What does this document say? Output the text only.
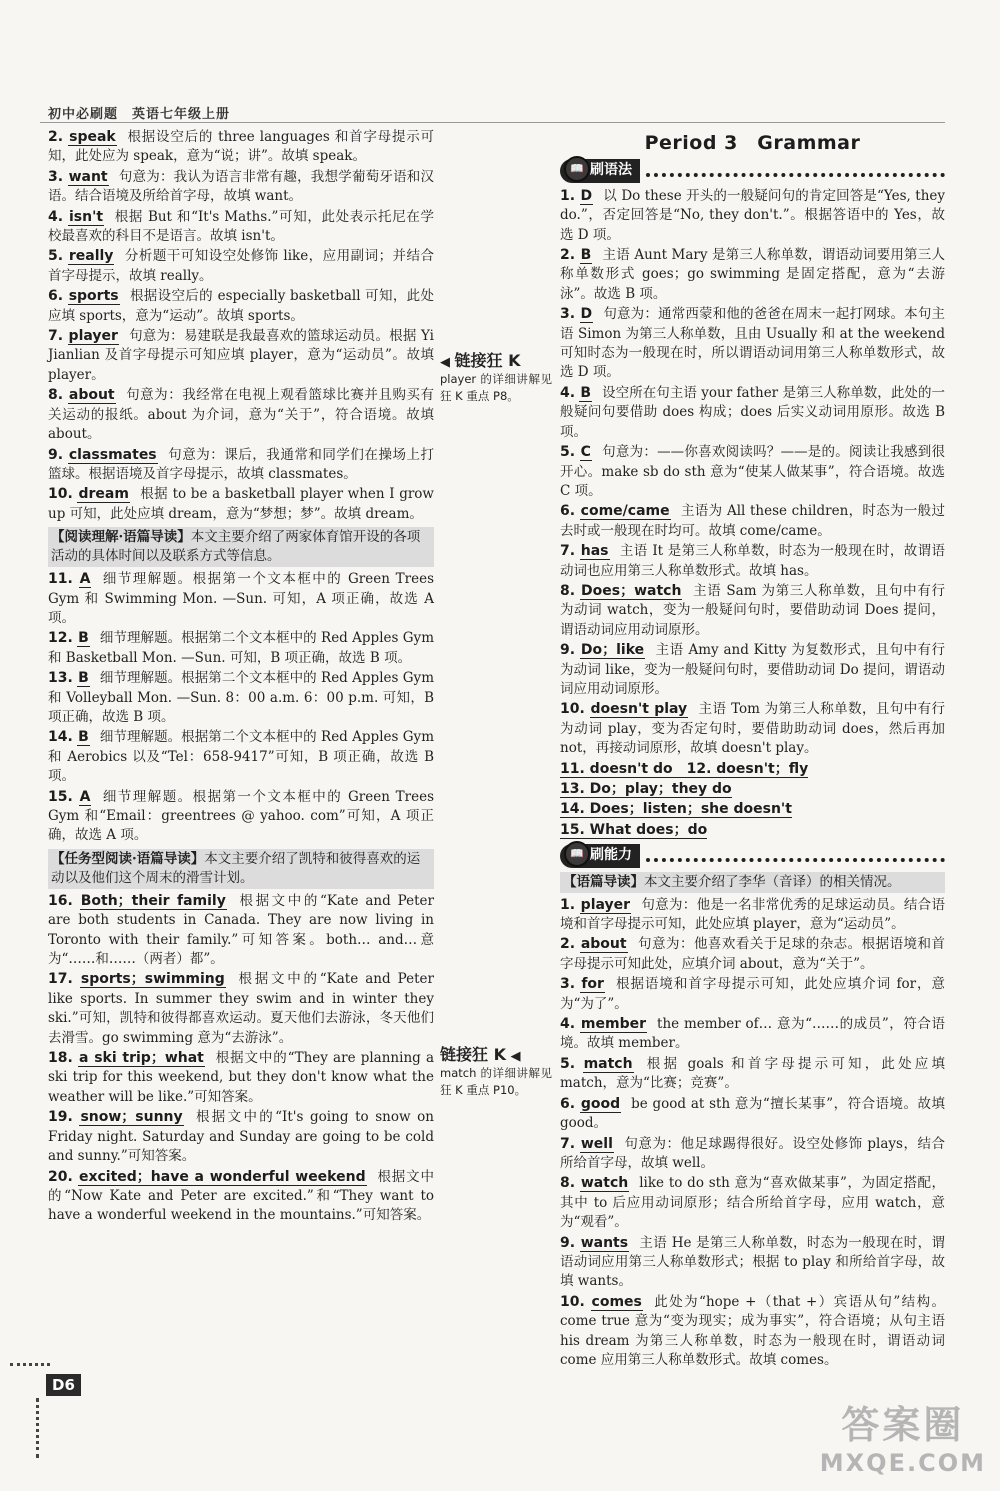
初中必刷题　英语七年级上册
2. speak 根据设空后的 three languages 和首字母提示可知，此处应为 speak，意为“说；讲”。故填 speak。
3. want 句意为：我认为语言非常有趣，我想学葡萄牙语和汉语。结合语境及所给首字母，故填 want。
4. isn't 根据 But 和“It's Maths.”可知，此处表示托尼在学校最喜欢的科目不是语言。故填 isn't。
5. really 分析题干可知设空处修饰 like，应用副词；并结合首字母提示，故填 really。
6. sports 根据设空后的 especially basketball 可知，此处应填 sports，意为“运动”。故填 sports。
7. player 句意为：易建联是我最喜欢的篮球运动员。根据 Yi Jianlian 及首字母提示可知应填 player，意为“运动员”。故填 player。
8. about 句意为：我经常在电视上观看篮球比赛并且购买有关运动的报纸。about 为介词，意为“关于”，符合语境。故填 about。
9. classmates 句意为：课后，我通常和同学们在操场上打篮球。根据语境及首字母提示，故填 classmates。
10. dream 根据 to be a basketball player when I grow up 可知，此处应填 dream，意为“梦想；梦”。故填 dream。
【阅读理解·语篇导读】本文主要介绍了两家体育馆开设的各项活动的具体时间以及联系方式等信息。
11. A 细节理解题。根据第一个文本框中的 Green Trees Gym 和 Swimming Mon. —Sun. 可知，A 项正确，故选 A 项。
12. B 细节理解题。根据第二个文本框中的 Red Apples Gym 和 Basketball Mon. —Sun. 可知，B 项正确，故选 B 项。
13. B 细节理解题。根据第二个文本框中的 Red Apples Gym 和 Volleyball Mon. —Sun. 8：00 a.m. 6：00 p.m. 可知，B 项正确，故选 B 项。
14. B 细节理解题。根据第二个文本框中的 Red Apples Gym 和 Aerobics 以及“Tel：658-9417”可知，B 项正确，故选 B 项。
15. A 细节理解题。根据第一个文本框中的 Green Trees Gym 和“Email：greentrees @ yahoo. com”可知，A 项正确，故选 A 项。
【任务型阅读·语篇导读】本文主要介绍了凯特和彼得喜欢的运动以及他们这个周末的滑雪计划。
16. Both；their family 根据文中的“Kate and Peter are both students in Canada. They are now living in Toronto with their family.”可知答案。both… and…意为“……和……（两者）都”。
17. sports；swimming 根据文中的“Kate and Peter like sports. In summer they swim and in winter they ski.”可知，凯特和彼得都喜欢运动。夏天他们去游泳，冬天他们去滑雪。go swimming 意为“去游泳”。
18. a ski trip；what 根据文中的“They are planning a ski trip for this weekend, but they don't know what the weather will be like.”可知答案。
19. snow；sunny 根据文中的“It's going to snow on Friday night. Saturday and Sunday are going to be cold and sunny.”可知答案。
20. excited；have a wonderful weekend 根据文中的“Now Kate and Peter are excited.”和“They want to have a wonderful weekend in the mountains.”可知答案。
◀ 链接狂 K
player 的详细讲解见狂 K 重点 P8。
链接狂 K ◀
match 的详细讲解见狂 K 重点 P10。
Period 3　Grammar
📖 刷语法
1. D 以 Do these 开头的一般疑问句的肯定回答是“Yes, they do.”，否定回答是“No, they don't.”。根据答语中的 Yes，故选 D 项。
2. B 主语 Aunt Mary 是第三人称单数，谓语动词要用第三人称单数形式 goes；go swimming 是固定搭配，意为“去游泳”。故选 B 项。
3. D 句意为：通常西蒙和他的爸爸在周末一起打网球。本句主语 Simon 为第三人称单数，且由 Usually 和 at the weekend 可知时态为一般现在时，所以谓语动词用第三人称单数形式，故选 D 项。
4. B 设空所在句主语 your father 是第三人称单数，此处的一般疑问句要借助 does 构成；does 后实义动词用原形。故选 B 项。
5. C 句意为：——你喜欢阅读吗？——是的。阅读让我感到很开心。make sb do sth 意为“使某人做某事”，符合语境。故选 C 项。
6. come/came 主语为 All these children，时态为一般过去时或一般现在时均可。故填 come/came。
7. has 主语 It 是第三人称单数，时态为一般现在时，故谓语动词也应用第三人称单数形式。故填 has。
8. Does；watch 主语 Sam 为第三人称单数，且句中有行为动词 watch，变为一般疑问句时，要借助动词 Does 提问，谓语动词应用动词原形。
9. Do；like 主语 Amy and Kitty 为复数形式，且句中有行为动词 like，变为一般疑问句时，要借助动词 Do 提问，谓语动词应用动词原形。
10. doesn't play 主语 Tom 为第三人称单数，且句中有行为动词 play，变为否定句时，要借助助动词 does，然后再加 not，再接动词原形，故填 doesn't play。
11. doesn't do　12. doesn't；fly
13. Do；play；they do
14. Does；listen；she doesn't
15. What does；do
📖 刷能力
【语篇导读】本文主要介绍了李华（音译）的相关情况。
1. player 句意为：他是一名非常优秀的足球运动员。结合语境和首字母提示可知，此处应填 player，意为“运动员”。
2. about 句意为：他喜欢看关于足球的杂志。根据语境和首字母提示可知此处，应填介词 about，意为“关于”。
3. for 根据语境和首字母提示可知，此处应填介词 for，意为“为了”。
4. member the member of… 意为“……的成员”，符合语境。故填 member。
5. match 根据 goals 和首字母提示可知，此处应填 match，意为“比赛；竞赛”。
6. good be good at sth 意为“擅长某事”，符合语境。故填 good。
7. well 句意为：他足球踢得很好。设空处修饰 plays，结合所给首字母，故填 well。
8. watch like to do sth 意为“喜欢做某事”，为固定搭配，其中 to 后应用动词原形；结合所给首字母，应用 watch，意为“观看”。
9. wants 主语 He 是第三人称单数，时态为一般现在时，谓语动词应用第三人称单数形式；根据 to play 和所给首字母，故填 wants。
10. comes 此处为“hope +（that +）宾语从句”结构。come true 意为“变为现实；成为事实”，符合语境；从句主语 his dream 为第三人称单数，时态为一般现在时，谓语动词 come 应用第三人称单数形式。故填 comes。
D6
答案圈
MXQE.COM
